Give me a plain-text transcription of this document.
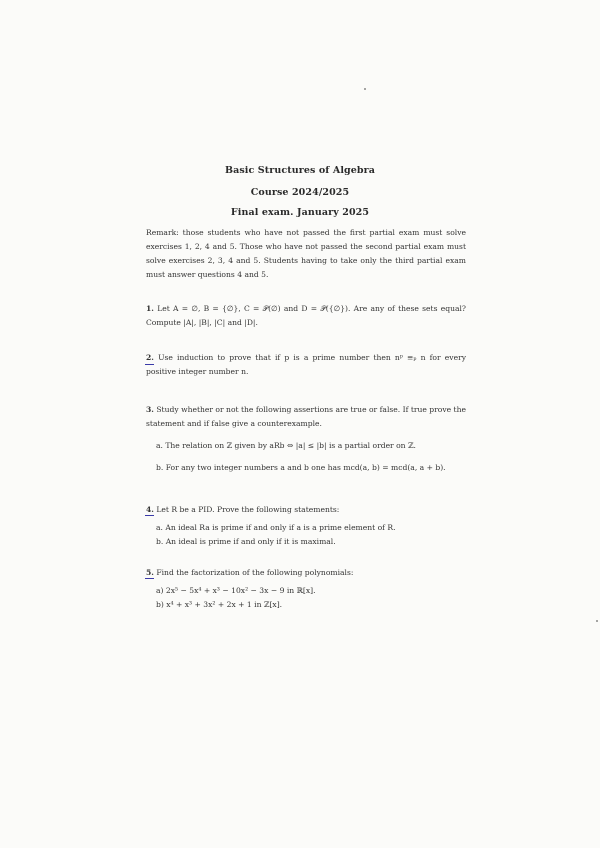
Basic Structures of Algebra
Course 2024/2025
Final exam. January 2025
Remark: those students who have not passed the first partial exam must solve exercises 1, 2, 4 and 5. Those who have not passed the second partial exam must solve exercises 2, 3, 4 and 5. Students having to take only the third partial exam must answer questions 4 and 5.
1. Let A = ∅, B = {∅}, C = 𝒫(∅) and D = 𝒫({∅}). Are any of these sets equal? Compute |A|, |B|, |C| and |D|.
2. Use induction to prove that if p is a prime number then nᵖ ≡ₚ n for every positive integer number n.
3. Study whether or not the following assertions are true or false. If true prove the statement and if false give a counterexample.
a. The relation on ℤ given by aRb ⇔ |a| ≤ |b| is a partial order on ℤ.
b. For any two integer numbers a and b one has mcd(a, b) = mcd(a, a + b).
4. Let R be a PID. Prove the following statements:
a. An ideal Ra is prime if and only if a is a prime element of R.
b. An ideal is prime if and only if it is maximal.
5. Find the factorization of the following polynomials:
a) 2x⁵ − 5x⁴ + x³ − 10x² − 3x − 9 in ℝ[x].
b) x⁴ + x³ + 3x² + 2x + 1 in ℤ[x].
